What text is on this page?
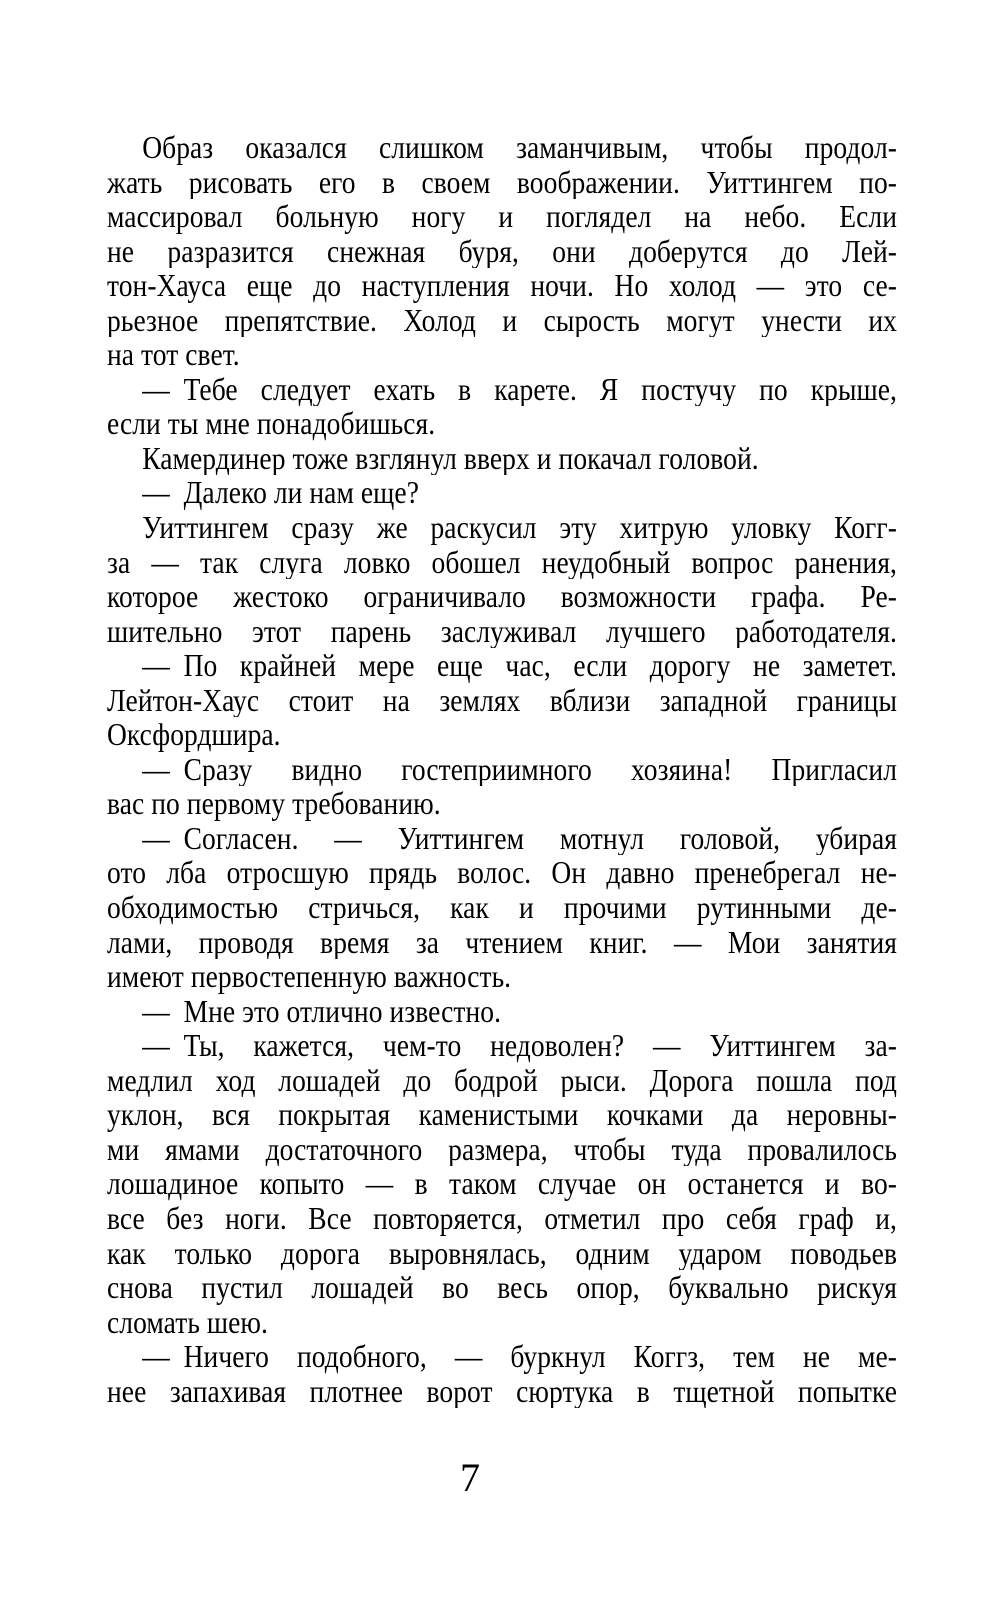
Образ оказался слишком заманчивым, чтобы продол-
жать рисовать его в своем воображении. Уиттингем по-
массировал больную ногу и поглядел на небо. Если
не разразится снежная буря, они доберутся до Лей-
тон-Хауса еще до наступления ночи. Но холод — это се-
рьезное препятствие. Холод и сырость могут унести их
на тот свет.
— Тебе следует ехать в карете. Я постучу по крыше,
если ты мне понадобишься.
Камердинер тоже взглянул вверх и покачал головой.
— Далеко ли нам еще?
Уиттингем сразу же раскусил эту хитрую уловку Когг-
за — так слуга ловко обошел неудобный вопрос ранения,
которое жестоко ограничивало возможности графа. Ре-
шительно этот парень заслуживал лучшего работодателя.
— По крайней мере еще час, если дорогу не заметет.
Лейтон-Хаус стоит на землях вблизи западной границы
Оксфордшира.
— Сразу видно гостеприимного хозяина! Пригласил
вас по первому требованию.
— Согласен. — Уиттингем мотнул головой, убирая
ото лба отросшую прядь волос. Он давно пренебрегал не-
обходимостью стричься, как и прочими рутинными де-
лами, проводя время за чтением книг. — Мои занятия
имеют первостепенную важность.
— Мне это отлично известно.
— Ты, кажется, чем-то недоволен? — Уиттингем за-
медлил ход лошадей до бодрой рыси. Дорога пошла под
уклон, вся покрытая каменистыми кочками да неровны-
ми ямами достаточного размера, чтобы туда провалилось
лошадиное копыто — в таком случае он останется и во-
все без ноги. Все повторяется, отметил про себя граф и,
как только дорога выровнялась, одним ударом поводьев
снова пустил лошадей во весь опор, буквально рискуя
сломать шею.
— Ничего подобного, — буркнул Коггз, тем не ме-
нее запахивая плотнее ворот сюртука в тщетной попытке
7
